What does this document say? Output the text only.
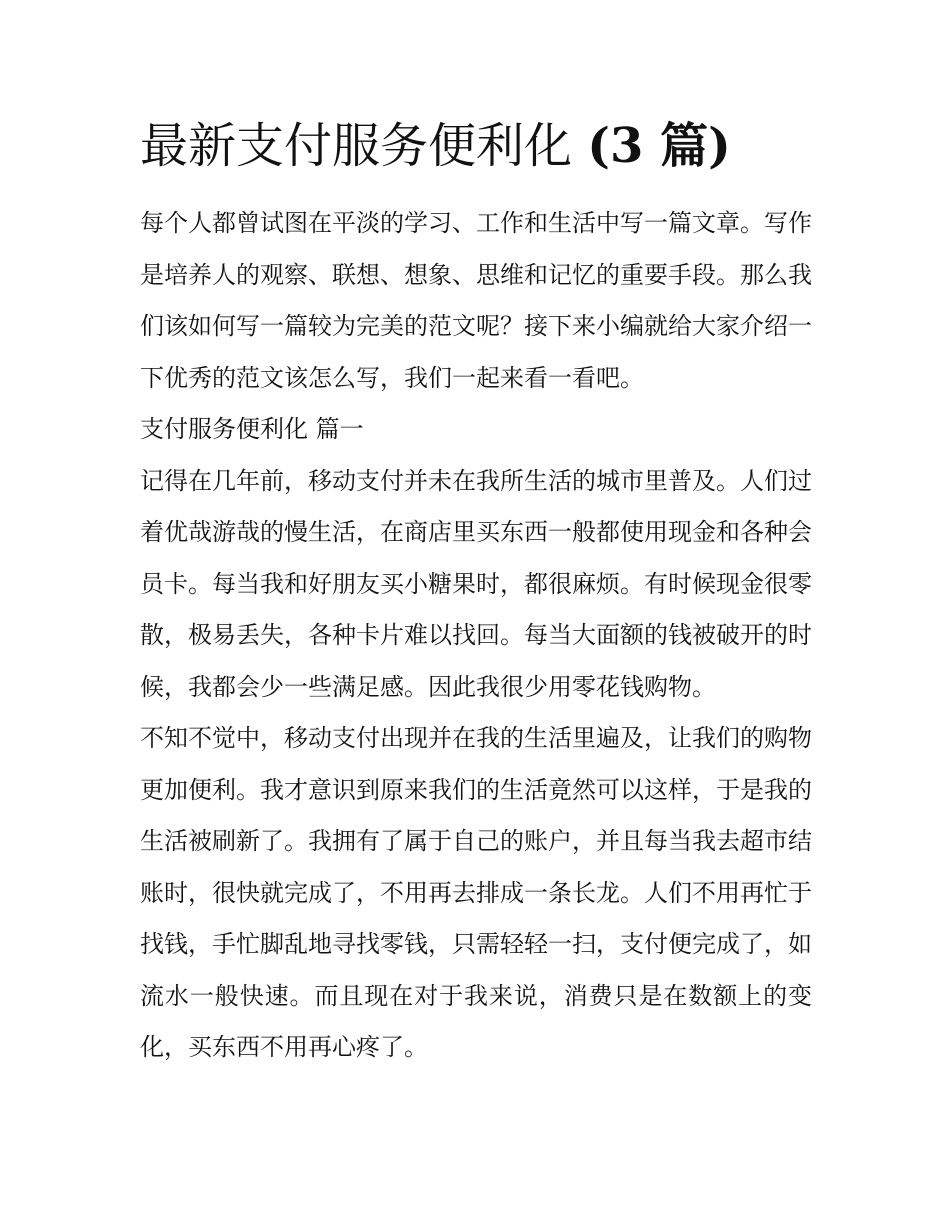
最新支付服务便利化 (3 篇)

每个人都曾试图在平淡的学习、工作和生活中写一篇文章。写作是培养人的观察、联想、想象、思维和记忆的重要手段。那么我们该如何写一篇较为完美的范文呢？接下来小编就给大家介绍一下优秀的范文该怎么写，我们一起来看一看吧。

支付服务便利化 篇一

记得在几年前，移动支付并未在我所生活的城市里普及。人们过着优哉游哉的慢生活，在商店里买东西一般都使用现金和各种会员卡。每当我和好朋友买小糖果时，都很麻烦。有时候现金很零散，极易丢失，各种卡片难以找回。每当大面额的钱被破开的时候，我都会少一些满足感。因此我很少用零花钱购物。

不知不觉中，移动支付出现并在我的生活里遍及，让我们的购物更加便利。我才意识到原来我们的生活竟然可以这样，于是我的生活被刷新了。我拥有了属于自己的账户，并且每当我去超市结账时，很快就完成了，不用再去排成一条长龙。人们不用再忙于找钱，手忙脚乱地寻找零钱，只需轻轻一扫，支付便完成了，如流水一般快速。而且现在对于我来说，消费只是在数额上的变化，买东西不用再心疼了。
